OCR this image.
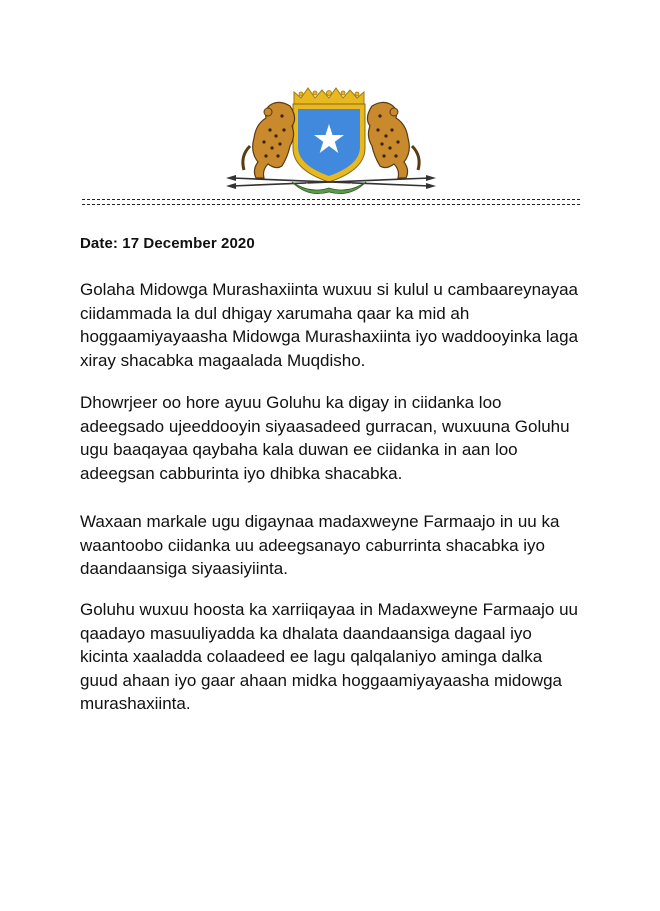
Date: 17 December 2020

Golaha Midowga Murashaxiinta wuxuu si kulul u cambaareynayaa ciidammada la dul dhigay xarumaha qaar ka mid ah hoggaamiyayaasha Midowga Murashaxiinta iyo waddooyinka laga xiray shacabka magaalada Muqdisho.

Dhowrjeer oo hore ayuu Goluhu ka digay in ciidanka loo adeegsado ujeeddooyin siyaasadeed gurracan, wuxuuna Goluhu ugu baaqayaa qaybaha kala duwan ee ciidanka in aan loo adeegsan cabburinta iyo dhibka shacabka.

Waxaan markale ugu digaynaa madaxweyne Farmaajo in uu ka waantoobo ciidanka uu adeegsanayo caburrinta shacabka iyo daandaansiga siyaasiyiinta.

Goluhu wuxuu hoosta ka xarriiqayaa in Madaxweyne Farmaajo uu qaadayo masuuliyadda ka dhalata daandaansiga dagaal iyo kicinta xaaladda colaadeed ee lagu qalqalaniyo aminga dalka guud ahaan iyo gaar ahaan midka hoggaamiyayaasha midowga murashaxiinta.
